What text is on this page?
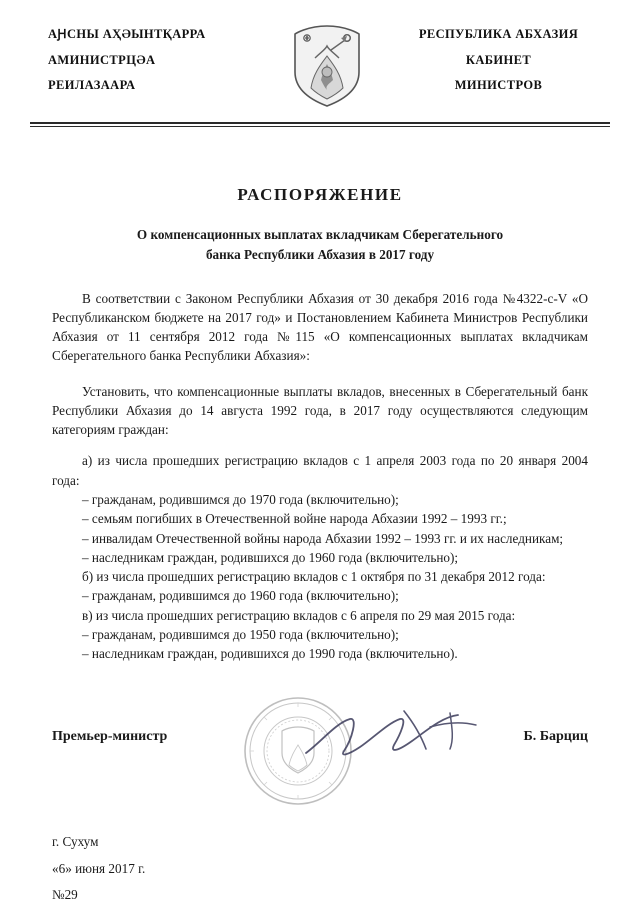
АԨСНЫ АҲӘЫНТҚАРРА
АМИНИСТРЦӘА
РЕИЛАЗААРА
РЕСПУБЛИКА АБХАЗИЯ
КАБИНЕТ
МИНИСТРОВ
РАСПОРЯЖЕНИЕ
О компенсационных выплатах вкладчикам Сберегательного
банка Республики Абхазия в 2017 году

В соответствии с Законом Республики Абхазия от 30 декабря 2016 года №4322-с-V «О Республиканском бюджете на 2017 год» и Постановлением Кабинета Министров Республики Абхазия от 11 сентября 2012 года №115 «О компенсационных выплатах вкладчикам Сберегательного банка Республики Абхазия»:

Установить, что компенсационные выплаты вкладов, внесенных в Сберегательный банк Республики Абхазия до 14 августа 1992 года, в 2017 году осуществляются следующим категориям граждан:

а) из числа прошедших регистрацию вкладов с 1 апреля 2003 года по 20 января 2004 года:

– гражданам, родившимся до 1970 года (включительно);

– семьям погибших в Отечественной войне народа Абхазии 1992 – 1993 гг.;

– инвалидам Отечественной войны народа Абхазии 1992 – 1993 гг. и их наследникам;

– наследникам граждан, родившихся до 1960 года (включительно);

б) из числа прошедших регистрацию вкладов с 1 октября по 31 декабря 2012 года:

– гражданам, родившимся до 1960 года (включительно);

в) из числа прошедших регистрацию вкладов с 6 апреля по 29 мая 2015 года:

– гражданам, родившимся до 1950 года (включительно);

– наследникам граждан, родившихся до 1990 года (включительно).

Премьер-министр	Б. Барциц
г. Сухум
«6» июня 2017 г.
№29
